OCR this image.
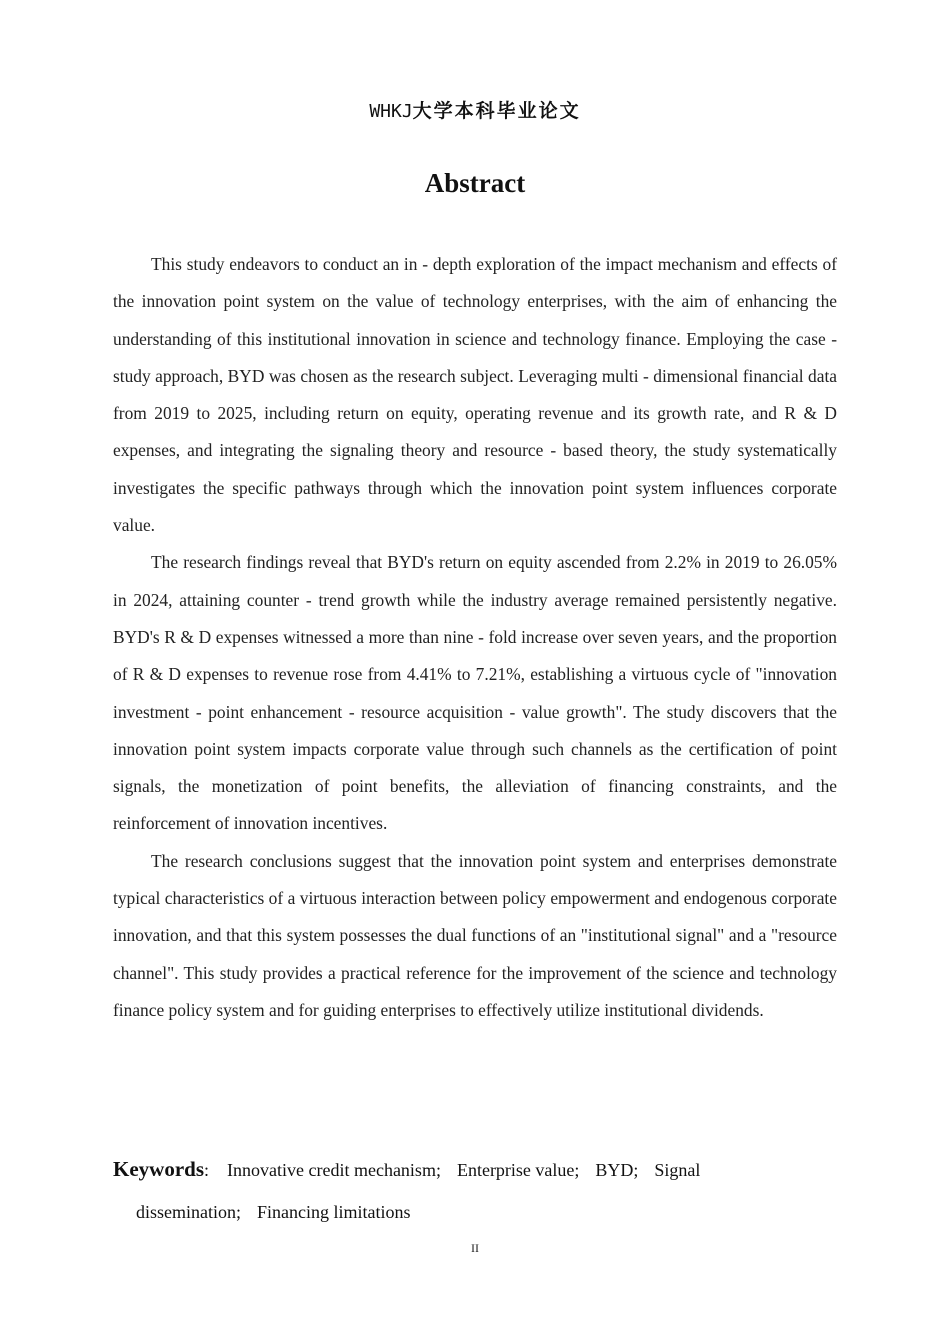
WHKJ大学本科毕业论文
Abstract

This study endeavors to conduct an in - depth exploration of the impact mechanism and effects of the innovation point system on the value of technology enterprises, with the aim of enhancing the understanding of this institutional innovation in science and technology finance. Employing the case - study approach, BYD was chosen as the research subject. Leveraging multi - dimensional financial data from 2019 to 2025, including return on equity, operating revenue and its growth rate, and R & D expenses, and integrating the signaling theory and resource - based theory, the study systematically investigates the specific pathways through which the innovation point system influences corporate value.

The research findings reveal that BYD's return on equity ascended from 2.2% in 2019 to 26.05% in 2024, attaining counter - trend growth while the industry average remained persistently negative. BYD's R & D expenses witnessed a more than nine - fold increase over seven years, and the proportion of R & D expenses to revenue rose from 4.41% to 7.21%, establishing a virtuous cycle of "innovation investment - point enhancement - resource acquisition - value growth". The study discovers that the innovation point system impacts corporate value through such channels as the certification of point signals, the monetization of point benefits, the alleviation of financing constraints, and the reinforcement of innovation incentives.

The research conclusions suggest that the innovation point system and enterprises demonstrate typical characteristics of a virtuous interaction between policy empowerment and endogenous corporate innovation, and that this system possesses the dual functions of an "institutional signal" and a "resource channel". This study provides a practical reference for the improvement of the science and technology finance policy system and for guiding enterprises to effectively utilize institutional dividends.

Keywords: Innovative credit mechanism; Enterprise value; BYD; Signal
dissemination; Financing limitations
II
